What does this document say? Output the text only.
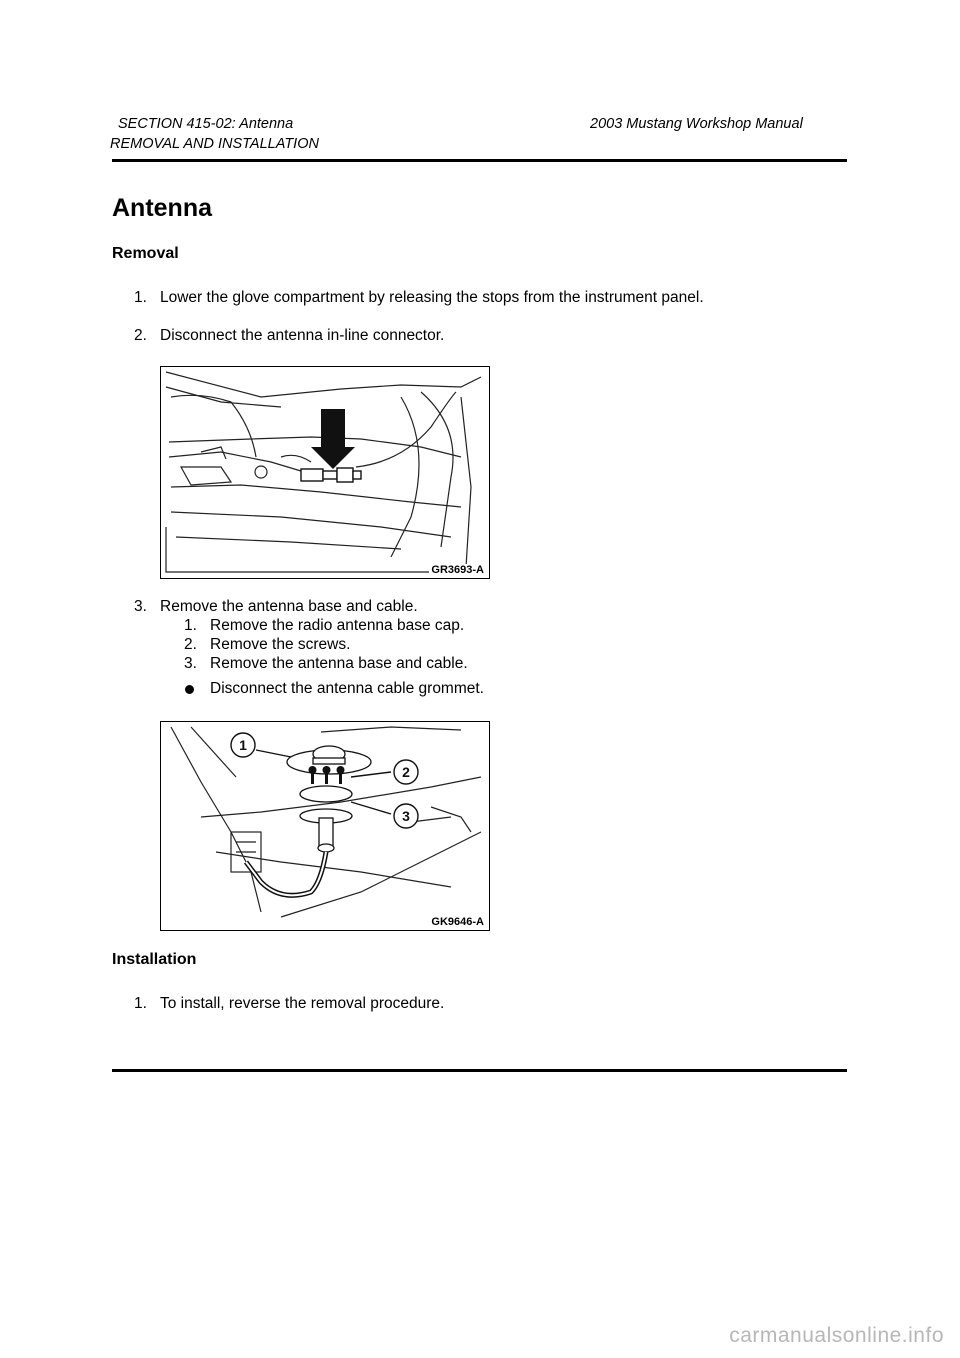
SECTION 415-02: Antenna	2003 Mustang Workshop Manual
REMOVAL AND INSTALLATION
Antenna
Removal
1. Lower the glove compartment by releasing the stops from the instrument panel.
2. Disconnect the antenna in-line connector.
GR3693-A
3. Remove the antenna base and cable.
1. Remove the radio antenna base cap.
2. Remove the screws.
3. Remove the antenna base and cable.
Disconnect the antenna cable grommet.
1
2
3
GK9646-A
Installation
1. To install, reverse the removal procedure.
carmanualsonline.info
